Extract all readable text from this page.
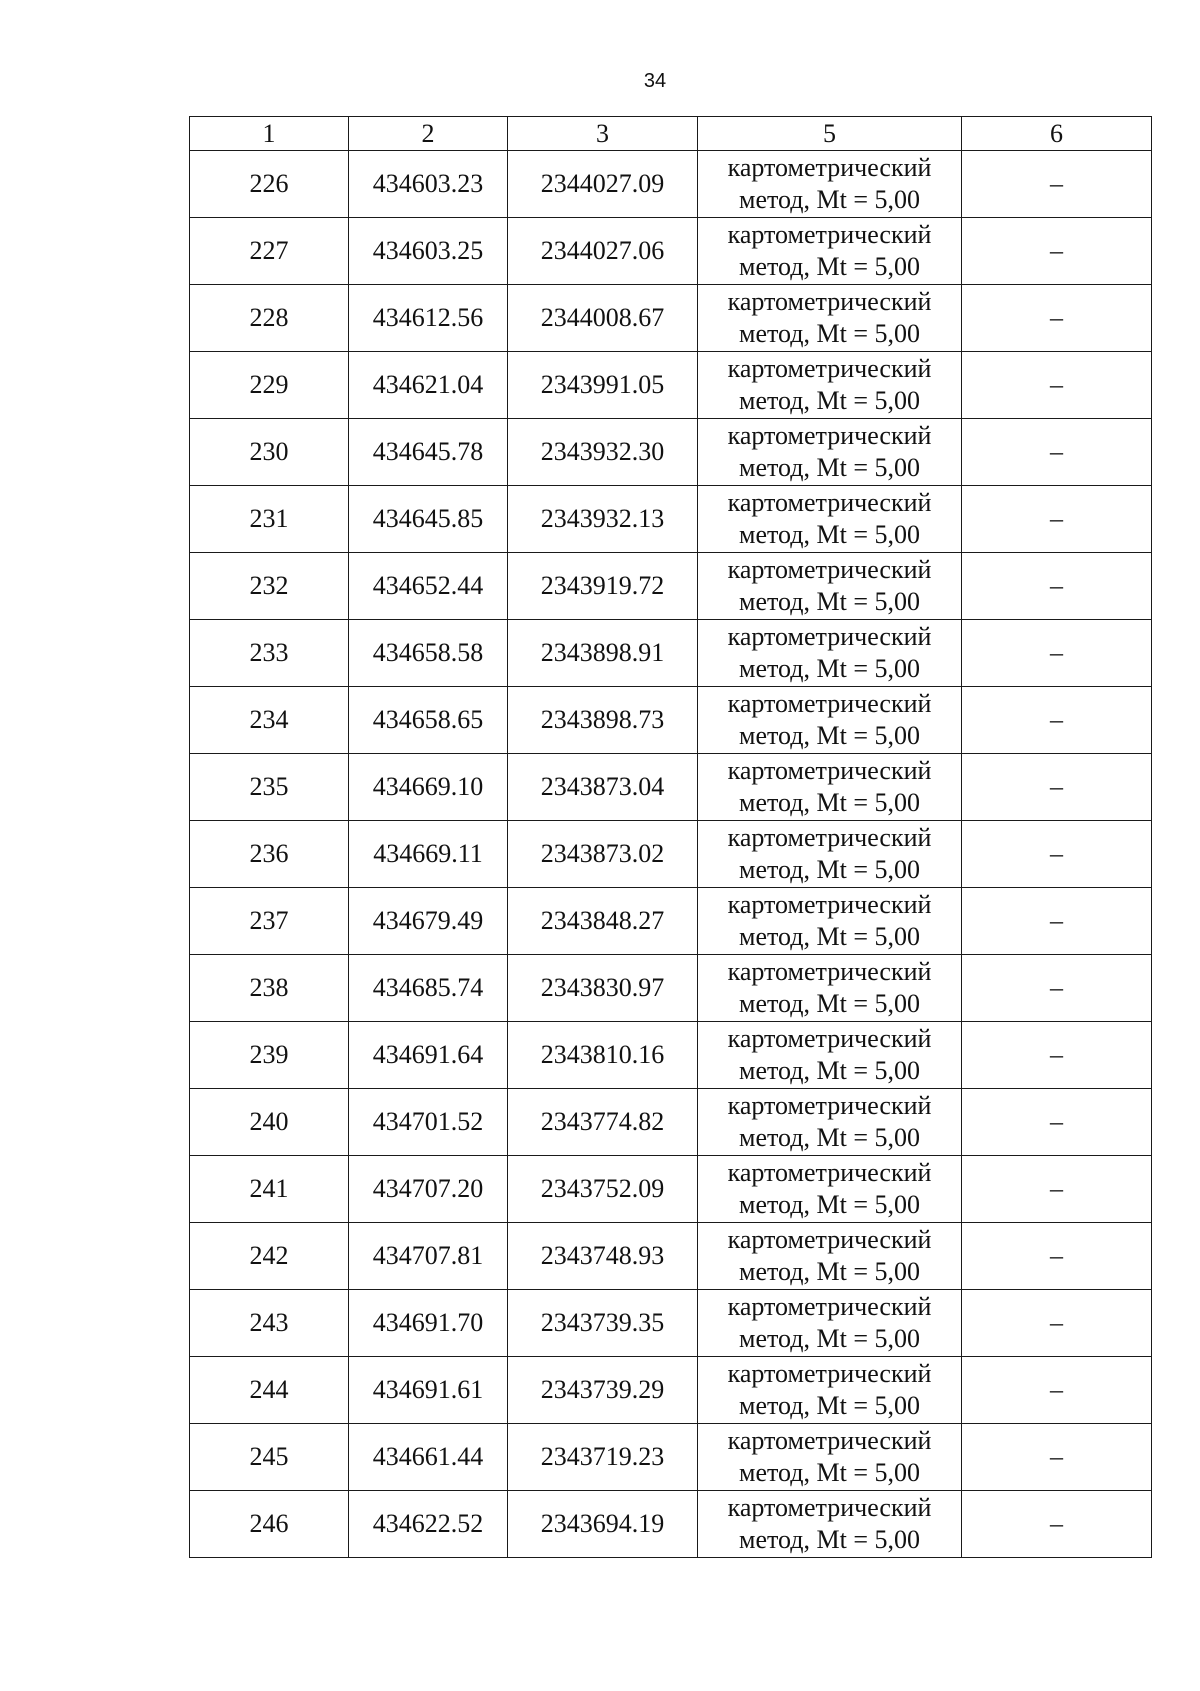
34
1	2	3	5	6
226	434603.23	2344027.09	картометрический
метод, Mt = 5,00	–
227	434603.25	2344027.06	картометрический
метод, Mt = 5,00	–
228	434612.56	2344008.67	картометрический
метод, Mt = 5,00	–
229	434621.04	2343991.05	картометрический
метод, Mt = 5,00	–
230	434645.78	2343932.30	картометрический
метод, Mt = 5,00	–
231	434645.85	2343932.13	картометрический
метод, Mt = 5,00	–
232	434652.44	2343919.72	картометрический
метод, Mt = 5,00	–
233	434658.58	2343898.91	картометрический
метод, Mt = 5,00	–
234	434658.65	2343898.73	картометрический
метод, Mt = 5,00	–
235	434669.10	2343873.04	картометрический
метод, Mt = 5,00	–
236	434669.11	2343873.02	картометрический
метод, Mt = 5,00	–
237	434679.49	2343848.27	картометрический
метод, Mt = 5,00	–
238	434685.74	2343830.97	картометрический
метод, Mt = 5,00	–
239	434691.64	2343810.16	картометрический
метод, Mt = 5,00	–
240	434701.52	2343774.82	картометрический
метод, Mt = 5,00	–
241	434707.20	2343752.09	картометрический
метод, Mt = 5,00	–
242	434707.81	2343748.93	картометрический
метод, Mt = 5,00	–
243	434691.70	2343739.35	картометрический
метод, Mt = 5,00	–
244	434691.61	2343739.29	картометрический
метод, Mt = 5,00	–
245	434661.44	2343719.23	картометрический
метод, Mt = 5,00	–
246	434622.52	2343694.19	картометрический
метод, Mt = 5,00	–
